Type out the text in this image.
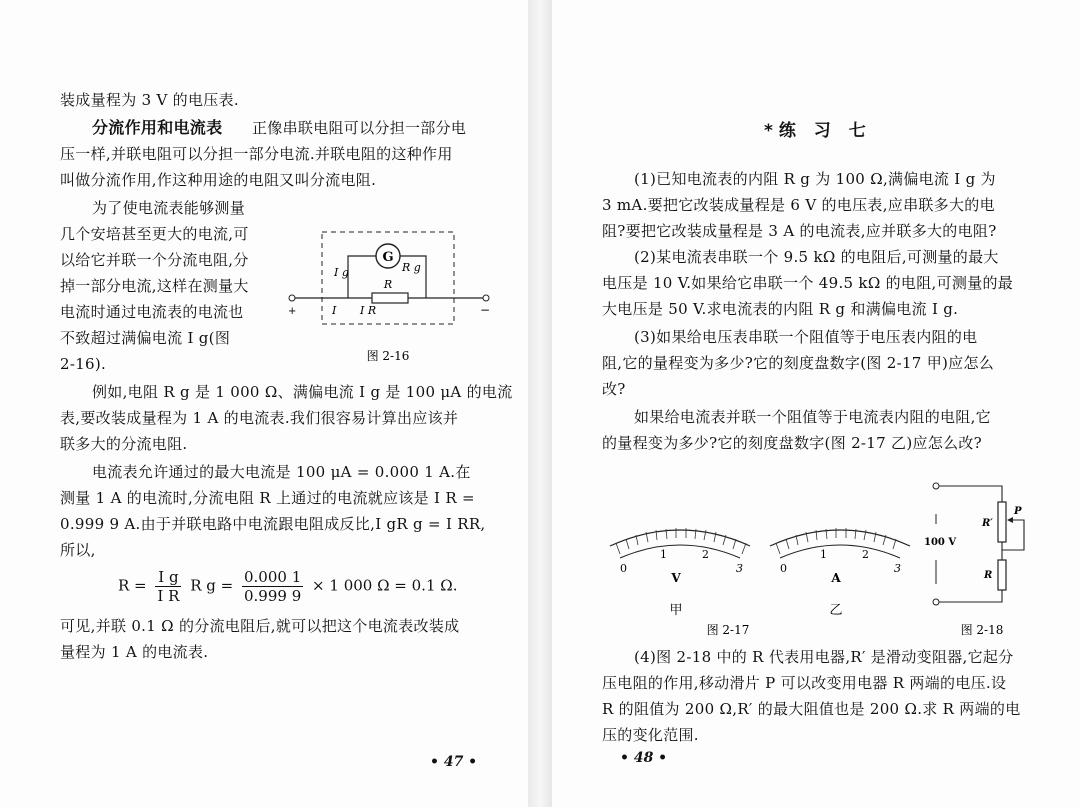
装成量程为 3 V 的电压表.
分流作用和电流表 正像串联电阻可以分担一部分电
压一样,并联电阻可以分担一部分电流.并联电阻的这种作用
叫做分流作用,作这种用途的电阻又叫分流电阻.
为了使电流表能够测量
几个安培甚至更大的电流,可
以给它并联一个分流电阻,分
掉一部分电流,这样在测量大
电流时通过电流表的电流也
不致超过满偏电流 I g(图
2-16).
+	−
G
R g
I g
R
I I R
图 2-16
例如,电阻 R g 是 1 000 Ω、满偏电流 I g 是 100 μA 的电流
表,要改装成量程为 1 A 的电流表.我们很容易计算出应该并
联多大的分流电阻.
电流表允许通过的最大电流是 100 μA = 0.000 1 A.在
测量 1 A 的电流时,分流电阻 R 上通过的电流就应该是 I R =
0.999 9 A.由于并联电路中电流跟电阻成反比,I gR g = I RR,
所以,
$R = \frac{\text{I g}}{\text{I R}}$ R $g = \frac{0.000 1}{0.999 9} \times 1$ 000 Ω = 0.1 Ω.
可见,并联 0.1 Ω 的分流电阻后,就可以把这个电流表改装成
量程为 1 A 的电流表.
• 47 •
*练 习 七
(1)已知电流表的内阻 R g 为 100 Ω,满偏电流 I g 为
3 mA.要把它改装成量程是 6 V 的电压表,应串联多大的电
阻?要把它改装成量程是 3 A 的电流表,应并联多大的电阻?
(2)某电流表串联一个 9.5 kΩ 的电阻后,可测量的最大
电压是 10 V.如果给它串联一个 49.5 kΩ 的电阻,可测量的最
大电压是 50 V.求电流表的内阻 R g 和满偏电流 I g.
(3)如果给电压表串联一个阻值等于电压表内阻的电
阻,它的量程变为多少?它的刻度盘数字(图 2-17 甲)应怎么
改?
如果给电流表并联一个阻值等于电流表内阻的电阻,它
的量程变为多少?它的刻度盘数字(图 2-17 乙)应怎么改?
0
1	2
3
V
甲
0
1	2
3
A
乙
图 2-17
100 V
R′
P
R
图 2-18
(4)图 2-18 中的 R 代表用电器,R′ 是滑动变阻器,它起分
压电阻的作用,移动滑片 P 可以改变用电器 R 两端的电压.设
R 的阻值为 200 Ω,R′ 的最大阻值也是 200 Ω.求 R 两端的电
压的变化范围.
• 48 •
